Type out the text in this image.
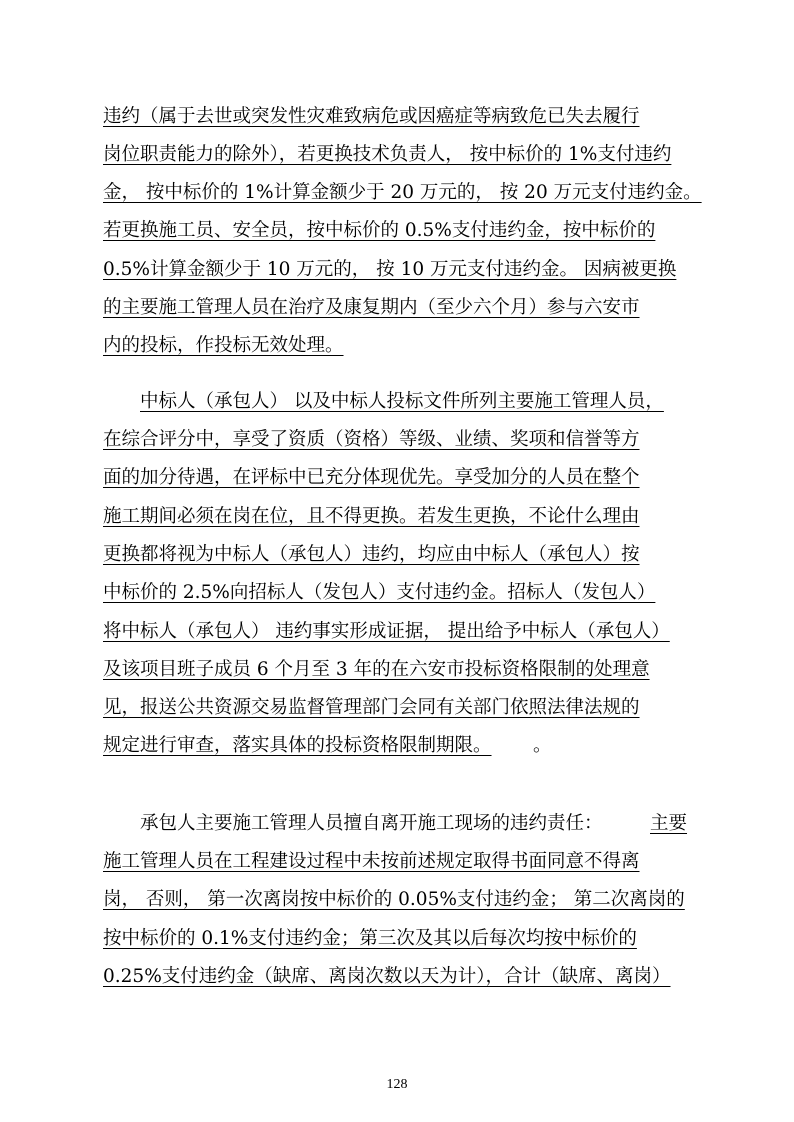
违约（属于去世或突发性灾难致病危或因癌症等病致危已失去履行
岗位职责能力的除外），若更换技术负责人， 按中标价的 1%支付违约
金， 按中标价的 1%计算金额少于 20 万元的， 按 20 万元支付违约金。
若更换施工员、安全员，按中标价的 0.5%支付违约金，按中标价的
0.5%计算金额少于 10 万元的， 按 10 万元支付违约金。 因病被更换
的主要施工管理人员在治疗及康复期内（至少六个月）参与六安市
内的投标，作投标无效处理。
中标人（承包人） 以及中标人投标文件所列主要施工管理人员，
在综合评分中，享受了资质（资格）等级、业绩、奖项和信誉等方
面的加分待遇，在评标中已充分体现优先。享受加分的人员在整个
施工期间必须在岗在位，且不得更换。若发生更换，不论什么理由
更换都将视为中标人（承包人）违约，均应由中标人（承包人）按
中标价的 2.5%向招标人（发包人）支付违约金。招标人（发包人）
将中标人（承包人） 违约事实形成证据， 提出给予中标人（承包人）
及该项目班子成员 6 个月至 3 年的在六安市投标资格限制的处理意
见，报送公共资源交易监督管理部门会同有关部门依照法律法规的
规定进行审查，落实具体的投标资格限制期限。	。
承包人主要施工管理人员擅自离开施工现场的违约责任：	主要
施工管理人员在工程建设过程中未按前述规定取得书面同意不得离
岗， 否则， 第一次离岗按中标价的 0.05%支付违约金； 第二次离岗的
按中标价的 0.1%支付违约金；第三次及其以后每次均按中标价的
0.25%支付违约金（缺席、离岗次数以天为计），合计（缺席、离岗）
128
